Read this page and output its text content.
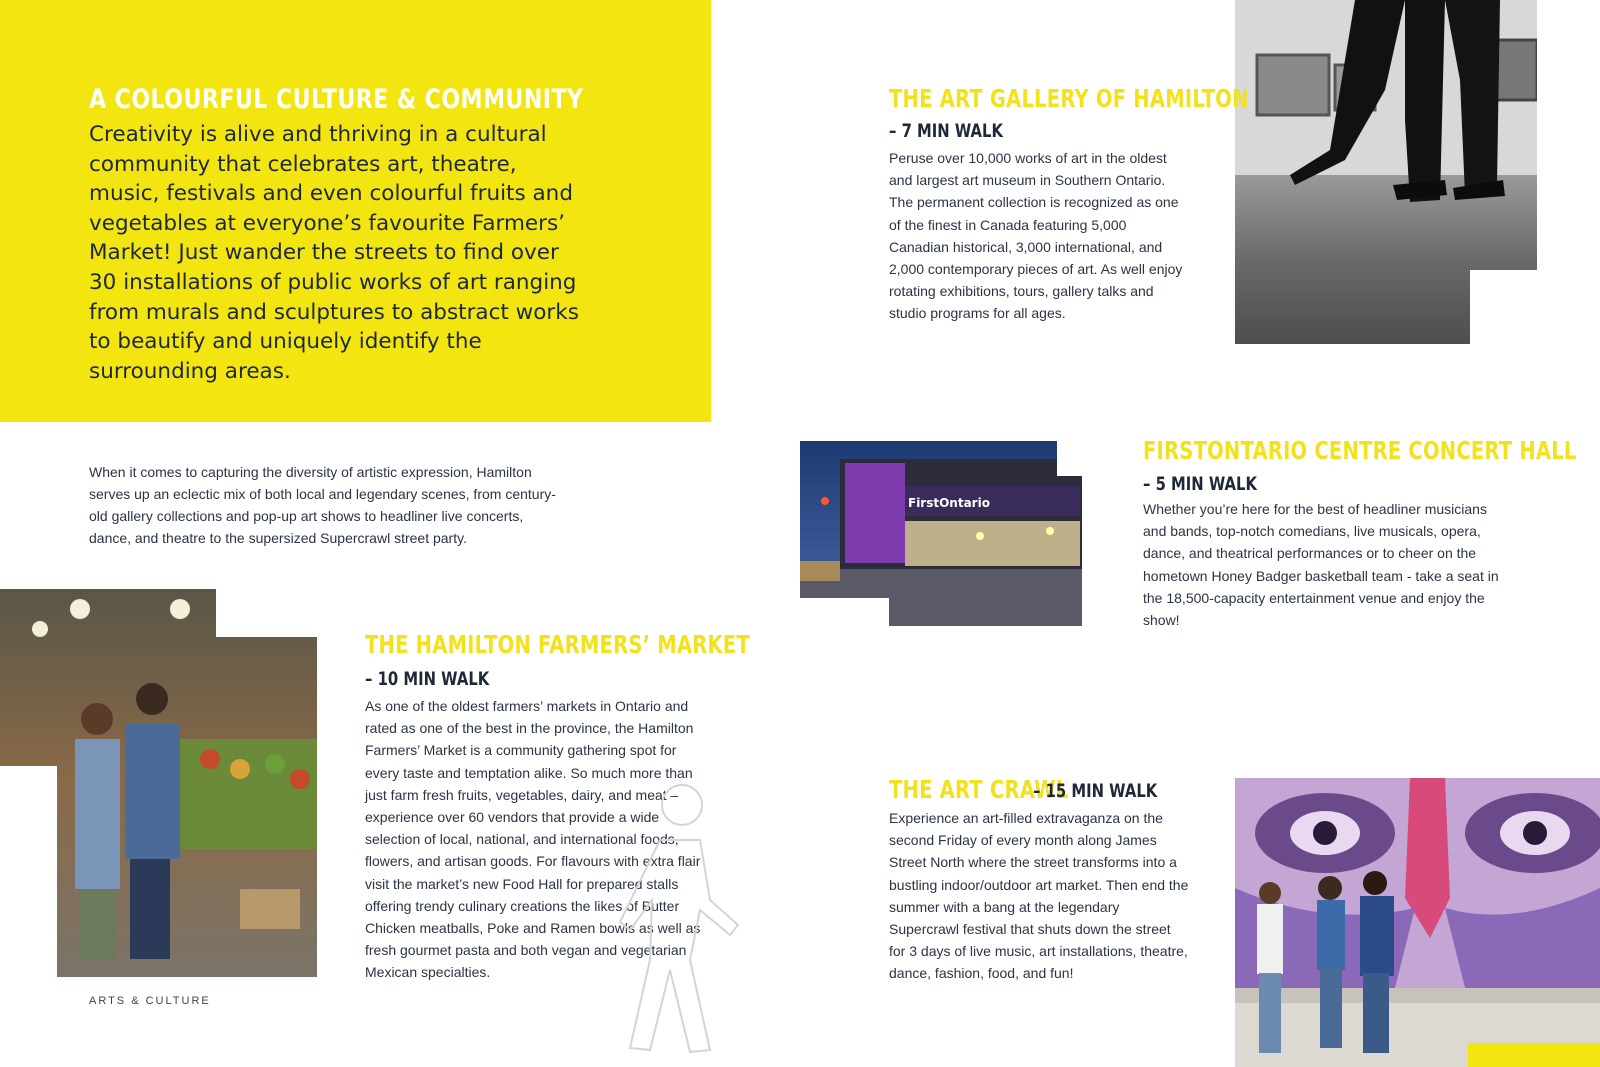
A COLOURFUL CULTURE & COMMUNITY
Creativity is alive and thriving in a cultural community that celebrates art, theatre, music, festivals and even colourful fruits and vegetables at everyone’s favourite Farmers’ Market! Just wander the streets to find over 30 installations of public works of art ranging from murals and sculptures to abstract works to beautify and uniquely identify the surrounding areas.
When it comes to capturing the diversity of artistic expression, Hamilton serves up an eclectic mix of both local and legendary scenes, from century-old gallery collections and pop-up art shows to headliner live concerts, dance, and theatre to the supersized Supercrawl street party.
THE ART GALLERY OF HAMILTON
– 7 MIN WALK
Peruse over 10,000 works of art in the oldest and largest art museum in Southern Ontario. The permanent collection is recognized as one of the finest in Canada featuring 5,000 Canadian historical, 3,000 international, and 2,000 contemporary pieces of art. As well enjoy rotating exhibitions, tours, gallery talks and studio programs for all ages.
FirstOntario
FIRSTONTARIO CENTRE CONCERT HALL
– 5 MIN WALK
Whether you’re here for the best of headliner musicians and bands, top-notch comedians, live musicals, opera, dance, and theatrical performances or to cheer on the hometown Honey Badger basketball team - take a seat in the 18,500-capacity entertainment venue and enjoy the show!
THE HAMILTON FARMERS’ MARKET
– 10 MIN WALK
As one of the oldest farmers’ markets in Ontario and rated as one of the best in the province, the Hamilton Farmers’ Market is a community gathering spot for every taste and temptation alike. So much more than just farm fresh fruits, vegetables, dairy, and meat – experience over 60 vendors that provide a wide selection of local, national, and international foods, flowers, and artisan goods. For flavours with extra flair visit the market’s new Food Hall for prepared stalls offering trendy culinary creations the likes of Butter Chicken meatballs, Poke and Ramen bowls as well as fresh gourmet pasta and both vegan and vegetarian Mexican specialties.
THE ART CRAWL
– 15 MIN WALK
Experience an art-filled extravaganza on the second Friday of every month along James Street North where the street transforms into a bustling indoor/outdoor art market. Then end the summer with a bang at the legendary Supercrawl festival that shuts down the street for 3 days of live music, art installations, theatre, dance, fashion, food, and fun!
ARTS & CULTURE
